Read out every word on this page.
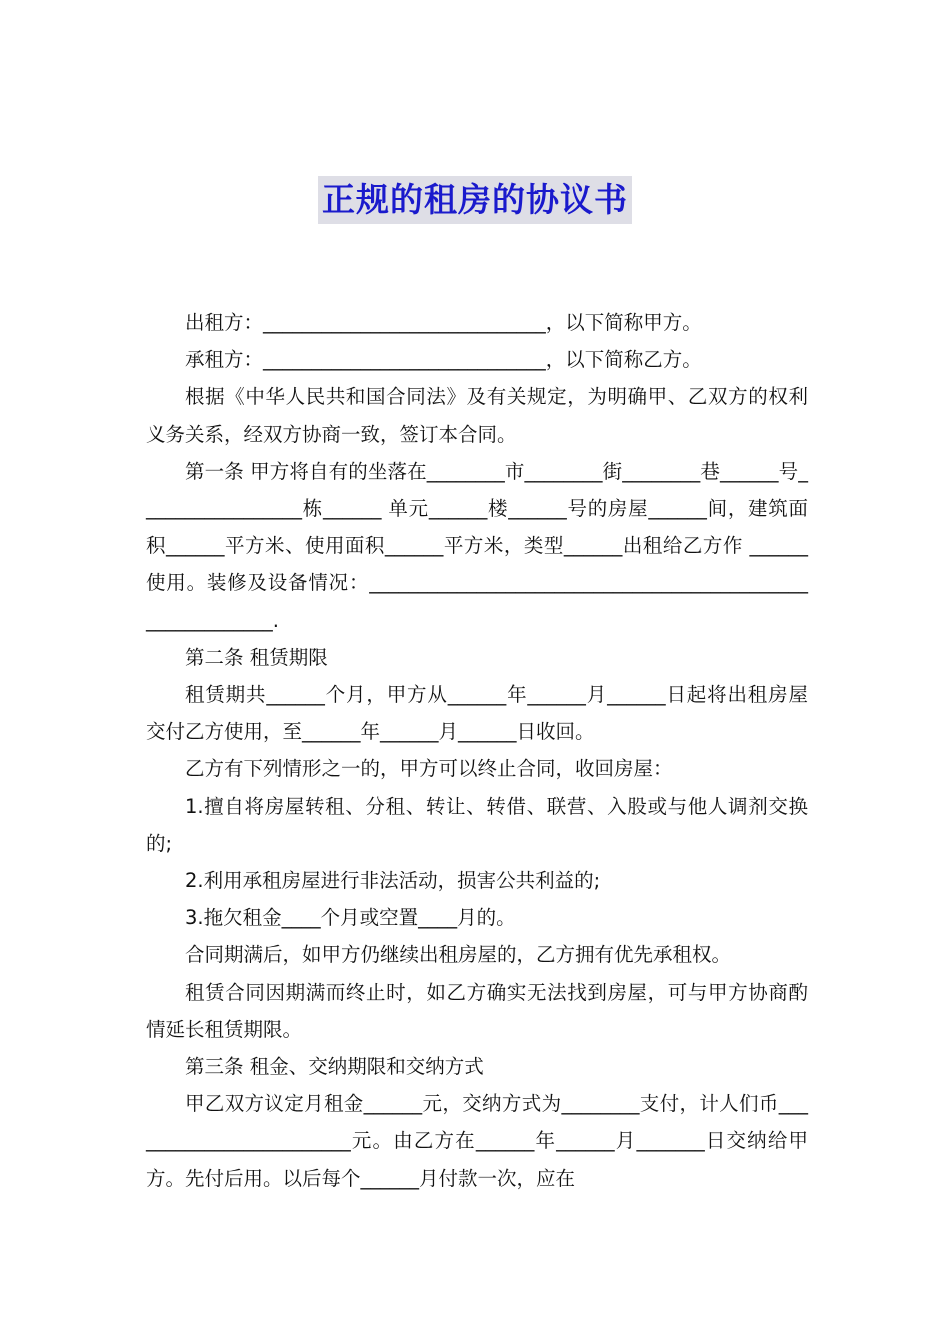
正规的租房的协议书

出租方：_____________________________，以下简称甲方。

承租方：_____________________________，以下简称乙方。

根据《中华人民共和国合同法》及有关规定，为明确甲、乙双方的权利义务关系，经双方协商一致，签订本合同。

第一条 甲方将自有的坐落在________市________街________巷______号_________________栋______ 单元______楼______号的房屋______间，建筑面积______平方米、使用面积______平方米，类型______出租给乙方作 ______使用。装修及设备情况：__________________________________________________________.

第二条 租赁期限

租赁期共______个月，甲方从______年______月______日起将出租房屋交付乙方使用，至______年______月______日收回。

乙方有下列情形之一的，甲方可以终止合同，收回房屋：

1.擅自将房屋转租、分租、转让、转借、联营、入股或与他人调剂交换的;

2.利用承租房屋进行非法活动，损害公共利益的;

3.拖欠租金____个月或空置____月的。

合同期满后，如甲方仍继续出租房屋的，乙方拥有优先承租权。

租赁合同因期满而终止时，如乙方确实无法找到房屋，可与甲方协商酌情延长租赁期限。

第三条 租金、交纳期限和交纳方式

甲乙双方议定月租金______元，交纳方式为________支付，计人们币________________________元。由乙方在______年______月_______日交纳给甲方。先付后用。以后每个______月付款一次，应在
